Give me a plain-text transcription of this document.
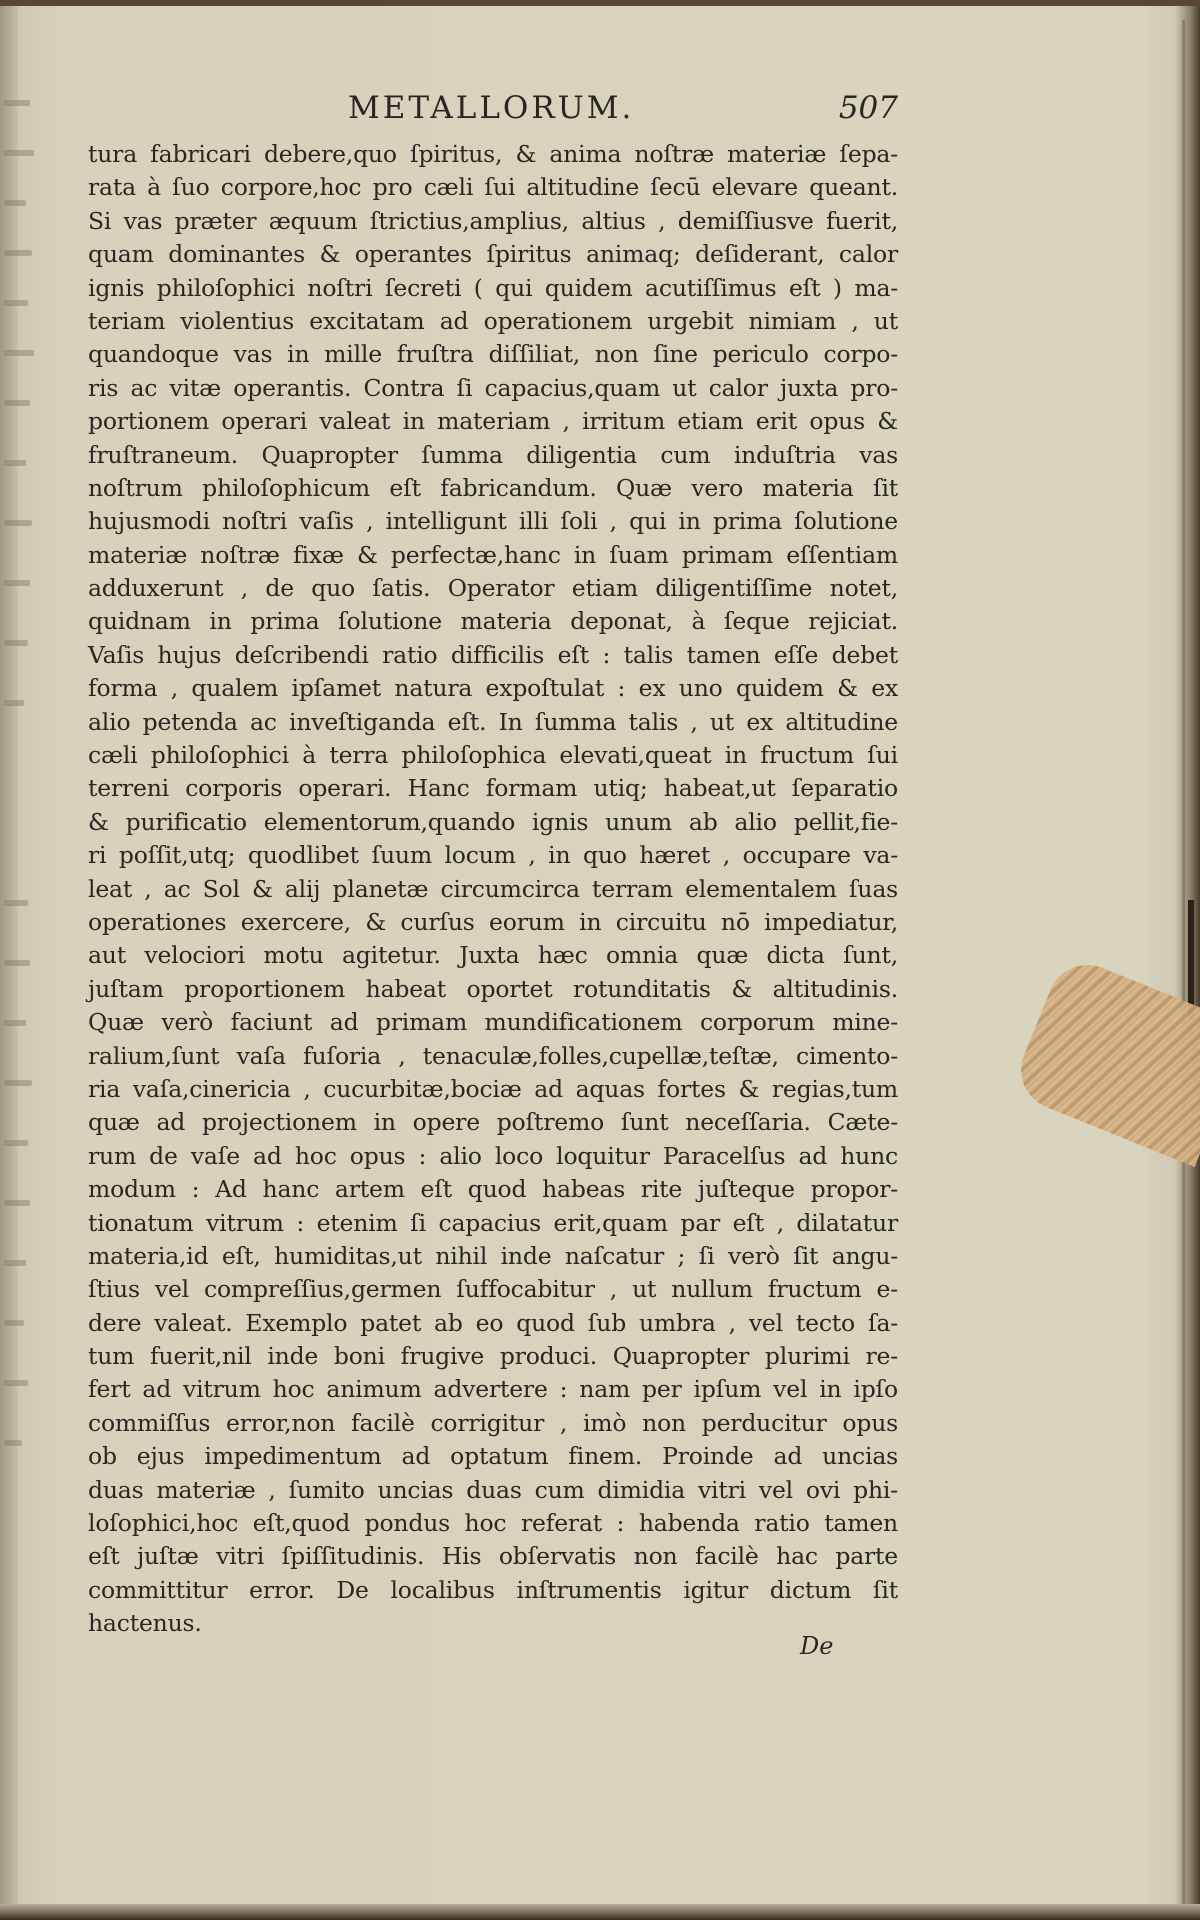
METALLORUM.	507
tura fabricari debere,quo ſpiritus, & anima noſtræ materiæ ſepa-
rata à ſuo corpore,hoc pro cæli ſui altitudine ſecū elevare queant.
Si vas præter æquum ſtrictius,amplius, altius , demiſſiusve fuerit,
quam dominantes & operantes ſpiritus animaq; deſiderant, calor
ignis philoſophici noſtri ſecreti ( qui quidem acutiſſimus eſt ) ma-
teriam violentius excitatam ad operationem urgebit nimiam , ut
quandoque vas in mille fruſtra diſſiliat, non ſine periculo corpo-
ris ac vitæ operantis. Contra ſi capacius,quam ut calor juxta pro-
portionem operari valeat in materiam , irritum etiam erit opus &
fruſtraneum. Quapropter ſumma diligentia cum induſtria vas
noſtrum philoſophicum eſt fabricandum. Quæ vero materia ſit
hujusmodi noſtri vaſis , intelligunt illi ſoli , qui in prima ſolutione
materiæ noſtræ fixæ & perfectæ,hanc in ſuam primam eſſentiam
adduxerunt , de quo ſatis. Operator etiam diligentiſſime notet,
quidnam in prima ſolutione materia deponat, à ſeque rejiciat.
Vaſis hujus deſcribendi ratio difficilis eſt : talis tamen eſſe debet
forma , qualem ipſamet natura expoſtulat : ex uno quidem & ex
alio petenda ac inveſtiganda eſt. In ſumma talis , ut ex altitudine
cæli philoſophici à terra philoſophica elevati,queat in fructum ſui
terreni corporis operari. Hanc formam utiq; habeat,ut ſeparatio
& purificatio elementorum,quando ignis unum ab alio pellit,fie-
ri poſſit,utq; quodlibet ſuum locum , in quo hæret , occupare va-
leat , ac Sol & alij planetæ circumcirca terram elementalem ſuas
operationes exercere, & curſus eorum in circuitu nō impediatur,
aut velociori motu agitetur. Juxta hæc omnia quæ dicta ſunt,
juſtam proportionem habeat oportet rotunditatis & altitudinis.
Quæ verò faciunt ad primam mundificationem corporum mine-
ralium,ſunt vaſa fuſoria , tenaculæ,folles,cupellæ,teſtæ, cimento-
ria vaſa,cinericia , cucurbitæ,bociæ ad aquas fortes & regias,tum
quæ ad projectionem in opere poſtremo ſunt neceſſaria. Cæte-
rum de vaſe ad hoc opus : alio loco loquitur Paracelſus ad hunc
modum : Ad hanc artem eſt quod habeas rite juſteque propor-
tionatum vitrum : etenim ſi capacius erit,quam par eſt , dilatatur
materia,id eſt, humiditas,ut nihil inde naſcatur ; ſi verò ſit angu-
ſtius vel compreſſius,germen ſuffocabitur , ut nullum fructum e-
dere valeat. Exemplo patet ab eo quod ſub umbra , vel tecto ſa-
tum fuerit,nil inde boni frugive produci. Quapropter plurimi re-
fert ad vitrum hoc animum advertere : nam per ipſum vel in ipſo
commiſſus error,non facilè corrigitur , imò non perducitur opus
ob ejus impedimentum ad optatum finem. Proinde ad uncias
duas materiæ , ſumito uncias duas cum dimidia vitri vel ovi phi-
loſophici,hoc eſt,quod pondus hoc referat : habenda ratio tamen
eſt juſtæ vitri ſpiſſitudinis. His obſervatis non facilè hac parte
committitur error. De localibus inſtrumentis igitur dictum ſit
hactenus.
De
